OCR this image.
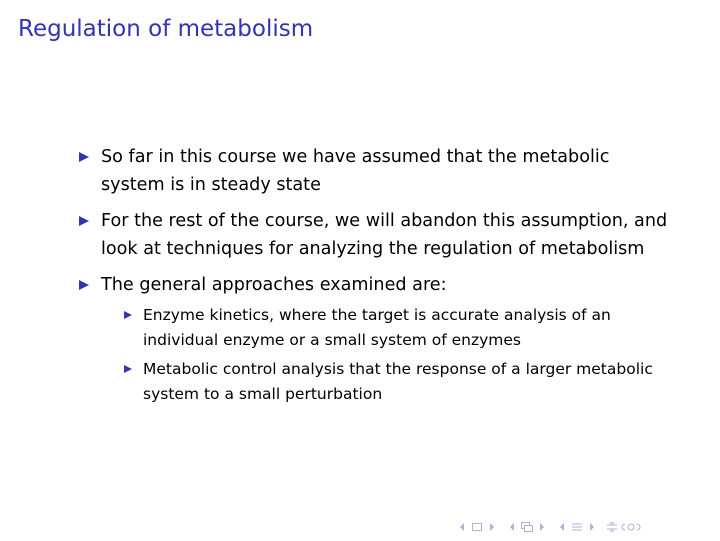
Regulation of metabolism
So far in this course we have assumed that the metabolic system is in steady state
For the rest of the course, we will abandon this assumption, and look at techniques for analyzing the regulation of metabolism
The general approaches examined are:
Enzyme kinetics, where the target is accurate analysis of an individual enzyme or a small system of enzymes
Metabolic control analysis that the response of a larger metabolic system to a small perturbation
